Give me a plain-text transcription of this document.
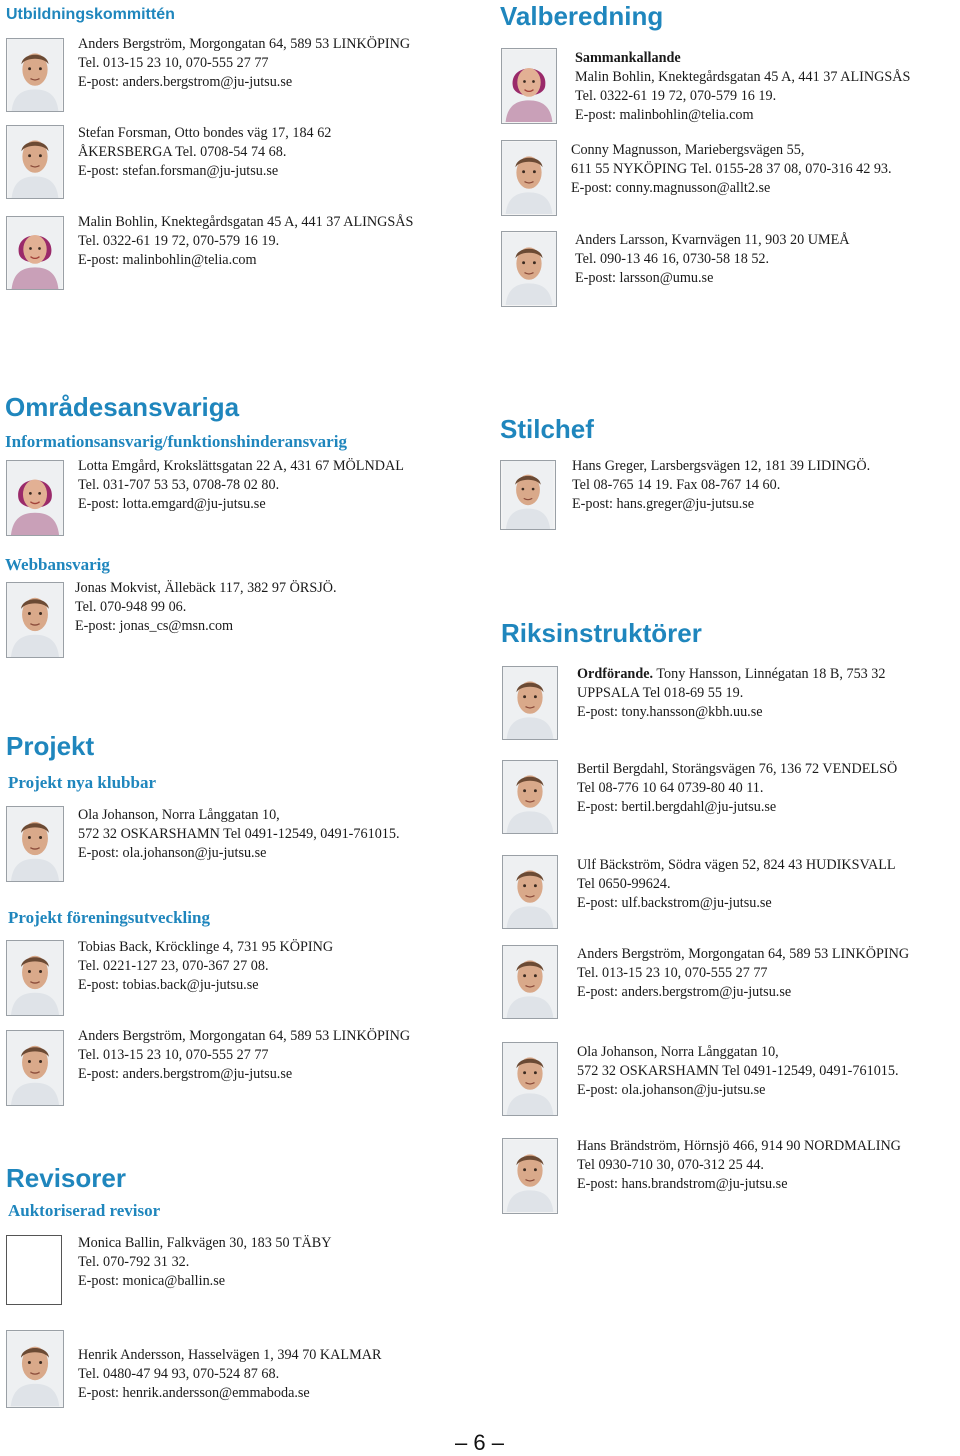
Utbildningskommittén
Anders Bergström, Morgongatan 64, 589 53 LINKÖPING
Tel. 013-15 23 10, 070-555 27 77
E-post: anders.bergstrom@ju-jutsu.se
Stefan Forsman, Otto bondes väg 17, 184 62
ÅKERSBERGA Tel. 0708-54 74 68.
E-post: stefan.forsman@ju-jutsu.se
Malin Bohlin, Knektegårdsgatan 45 A, 441 37 ALINGSÅS
Tel. 0322-61 19 72, 070-579 16 19.
E-post: malinbohlin@telia.com
Valberedning
Sammankallande
Malin Bohlin, Knektegårdsgatan 45 A, 441 37 ALINGSÅS
Tel. 0322-61 19 72, 070-579 16 19.
E-post: malinbohlin@telia.com
Conny Magnusson, Mariebergsvägen 55,
611 55 NYKÖPING Tel. 0155-28 37 08, 070-316 42 93.
E-post: conny.magnusson@allt2.se
Anders Larsson, Kvarnvägen 11, 903 20 UMEÅ
Tel. 090-13 46 16, 0730-58 18 52.
E-post: larsson@umu.se
Områdesansvariga
Informationsansvarig/funktionshinderansvarig
Lotta Emgård, Krokslättsgatan 22 A, 431 67 MÖLNDAL
Tel. 031-707 53 53, 0708-78 02 80.
E-post: lotta.emgard@ju-jutsu.se
Stilchef
Hans Greger, Larsbergsvägen 12, 181 39 LIDINGÖ.
Tel 08-765 14 19. Fax 08-767 14 60.
E-post: hans.greger@ju-jutsu.se
Webbansvarig
Jonas Mokvist, Ällebäck 117, 382 97 ÖRSJÖ.
Tel. 070-948 99 06.
E-post: jonas_cs@msn.com
Projekt
Projekt nya klubbar
Ola Johanson, Norra Långgatan 10,
572 32 OSKARSHAMN Tel 0491-12549, 0491-761015.
E-post: ola.johanson@ju-jutsu.se
Projekt föreningsutveckling
Tobias Back, Kröcklinge 4, 731 95 KÖPING
Tel. 0221-127 23, 070-367 27 08.
E-post: tobias.back@ju-jutsu.se
Anders Bergström, Morgongatan 64, 589 53 LINKÖPING
Tel. 013-15 23 10, 070-555 27 77
E-post: anders.bergstrom@ju-jutsu.se
Riksinstruktörer
Ordförande. Tony Hansson, Linnégatan 18 B, 753 32
UPPSALA Tel 018-69 55 19.
E-post: tony.hansson@kbh.uu.se
Bertil Bergdahl, Storängsvägen 76, 136 72 VENDELSÖ
Tel 08-776 10 64 0739-80 40 11.
E-post: bertil.bergdahl@ju-jutsu.se
Ulf Bäckström, Södra vägen 52, 824 43 HUDIKSVALL
Tel 0650-99624.
E-post: ulf.backstrom@ju-jutsu.se
Anders Bergström, Morgongatan 64, 589 53 LINKÖPING
Tel. 013-15 23 10, 070-555 27 77
E-post: anders.bergstrom@ju-jutsu.se
Ola Johanson, Norra Långgatan 10,
572 32 OSKARSHAMN Tel 0491-12549, 0491-761015.
E-post: ola.johanson@ju-jutsu.se
Hans Brändström, Hörnsjö 466, 914 90 NORDMALING
Tel 0930-710 30, 070-312 25 44.
E-post: hans.brandstrom@ju-jutsu.se
Revisorer
Auktoriserad revisor
Monica Ballin, Falkvägen 30, 183 50 TÄBY
Tel. 070-792 31 32.
E-post: monica@ballin.se
Henrik Andersson, Hasselvägen 1, 394 70 KALMAR
Tel. 0480-47 94 93, 070-524 87 68.
E-post: henrik.andersson@emmaboda.se
– 6 –
